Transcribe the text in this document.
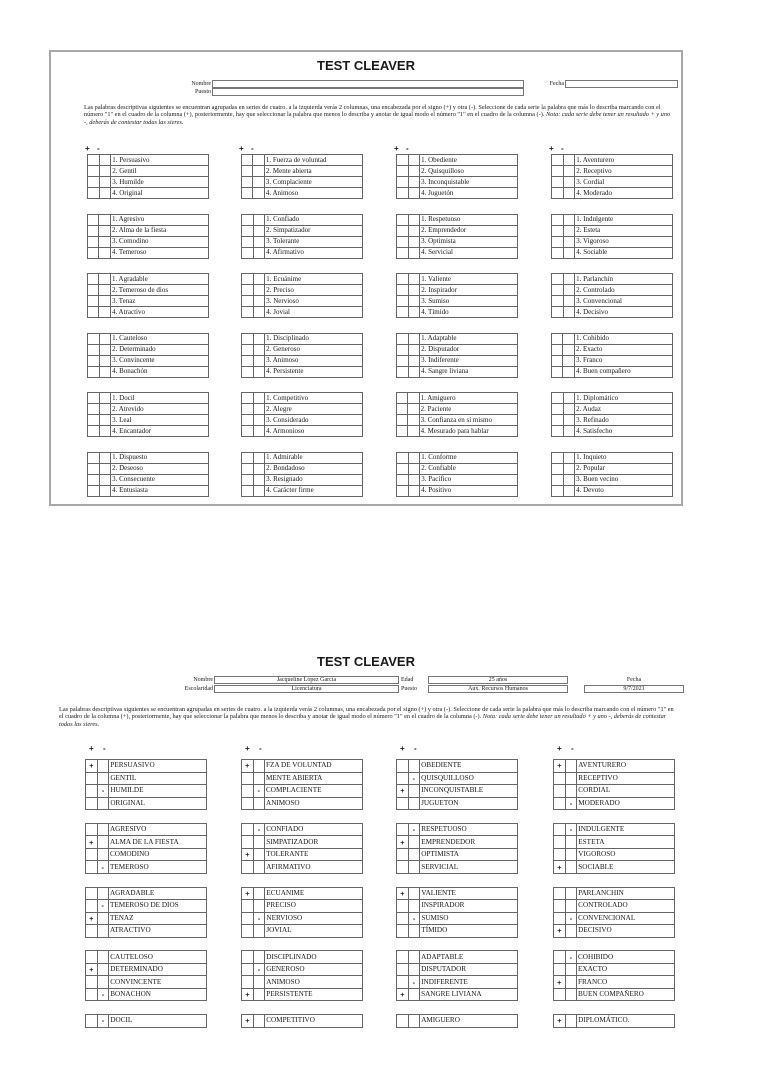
TEST CLEAVER
Nombre
Puesto
Fecha
Las palabras descriptivas siguientes se encuentran agrupadas en series de cuatro. a la izquierda verás 2 columnas, una encabezada por el signo (+) y otra (-). Seleccione de cada serie la palabra que más lo describa marcando con el número "1" en el cuadro de la columna (+), posteriormente, hay que seleccionar la palabra que menos lo describa y anotar de igual modo el número "1" en el cuadro de la columna (-). Nota: cada serie debe tener un resultado + y uno -, deberás de contestar todas las sieres.
+ -
		1. Persuasivo
		2. Gentil
		3. Humilde
		4. Original
		1. Agresivo
		2. Alma de la fiesta
		3. Comodino
		4. Temeroso
		1. Agradable
		2. Temeroso de dios
		3. Tenaz
		4. Atractivo
		1. Cauteloso
		2. Determinado
		3. Convincente
		4. Bonachón
		1. Docil
		2. Atrevido
		3. Leal
		4. Encantador
		1. Dispuesto
		2. Deseoso
		3. Consecuente
		4. Entusiasta
+ -
		1. Fuerza de voluntad
		2. Mente abierta
		3. Complaciente
		4. Animoso
		1. Confiado
		2. Simpatizador
		3. Tolerante
		4. Afirmativo
		1. Ecuánime
		2. Preciso
		3. Nervioso
		4. Jovial
		1. Disciplinado
		2. Generoso
		3. Animoso
		4. Persistente
		1. Competitivo
		2. Alegre
		3. Considerado
		4. Armonioso
		1. Admirable
		2. Bondadoso
		3. Resignado
		4. Carácter firme
+ -
		1. Obediente
		2. Quisquilloso
		3. Inconquistable
		4. Juguetón
		1. Respetuoso
		2. Emprendedor
		3. Optimista
		4. Servicial
		1. Valiente
		2. Inspirador
		3. Sumiso
		4. Tímido
		1. Adaptable
		2. Disputador
		3. Indiferente
		4. Sangre liviana
		1. Amiguero
		2. Paciente
		3. Confianza en sí mismo
		4. Mesurado para hablar
		1. Conforme
		2. Confiable
		3. Pacífico
		4. Positivo
+ -
		1. Aventurero
		2. Receptivo
		3. Cordial
		4. Moderado
		1. Indulgente
		2. Esteta
		3. Vigoroso
		4. Sociable
		1. Parlanchín
		2. Controlado
		3. Convencional
		4. Decisivo
		1. Cohibido
		2. Exacto
		3. Franco
		4. Buen compañero
		1. Diplomático
		2. Audaz
		3. Refinado
		4. Satisfecho
		1. Inquieto
		2. Popular
		3. Buen vecino
		4. Devoto
TEST CLEAVER
Nombre	Jacqueline López García
Escolaridad	Licenciatura
Edad	25 años
Puesto	Aux. Recursos Humanos
Fecha
9/7/2021
Las palabras descriptivas siguientes se encuentran agrupadas en series de cuatro. a la izquierda verás 2 columnas, una encabezada por el signo (+) y otra (-). Seleccione de cada serie la palabra que más lo describa marcando con el número "1" en el cuadro de la columna (+), posteriormente, hay que seleccionar la palabra que menos lo describa y anotar de igual modo el número "1" en el cuadro de la columna (-). Nota: cada serie debe tener un resultado + y uno -, deberás de contestar todas las sieres.
+ -
+		PERSUASIVO
		GENTIL
	-	HUMILDE
		ORIGINAL
		AGRESIVO
+		ALMA DE LA FIESTA
		COMODINO
	-	TEMEROSO
		AGRADABLE
	-	TEMEROSO DE DIOS
+		TENAZ
		ATRACTIVO
		CAUTELOSO
+		DETERMINADO
		CONVINCENTE
	-	BONACHON
	-	DOCIL
+ -
+		FZA DE VOLUNTAD
		MENTE ABIERTA
	-	COMPLACIENTE
		ANIMOSO
	-	CONFIADO
		SIMPATIZADOR
+		TOLERANTE
		AFIRMATIVO
+		ECUANIME
		PRECISO
	-	NERVIOSO
		JOVIAL
		DISCIPLINADO
	-	GENEROSO
		ANIMOSO
+		PERSISTENTE
+		COMPETITIVO
+ -
		OBEDIENTE
	-	QUISQUILLOSO
+		INCONQUISTABLE
		JUGUETON
	-	RESPETUOSO
+		EMPRENDEDOR
		OPTIMISTA
		SERVICIAL
+		VALIENTE
		INSPIRADOR
	-	SUMISO
		TÍMIDO
		ADAPTABLE
		DISPUTADOR
	-	INDIFERENTE
+		SANGRE LIVIANA
		AMIGUERO
+ -
+		AVENTURERO
		RECEPTIVO
		CORDIAL
	-	MODERADO
	-	INDULGENTE
		ESTETA
		VIGOROSO
+		SOCIABLE
		PARLANCHIN
		CONTROLADO
	-	CONVENCIONAL
+		DECISIVO
	-	COHIBIDO
		EXACTO
+		FRANCO
		BUEN COMPAÑERO
+		DIPLOMÁTICO.
